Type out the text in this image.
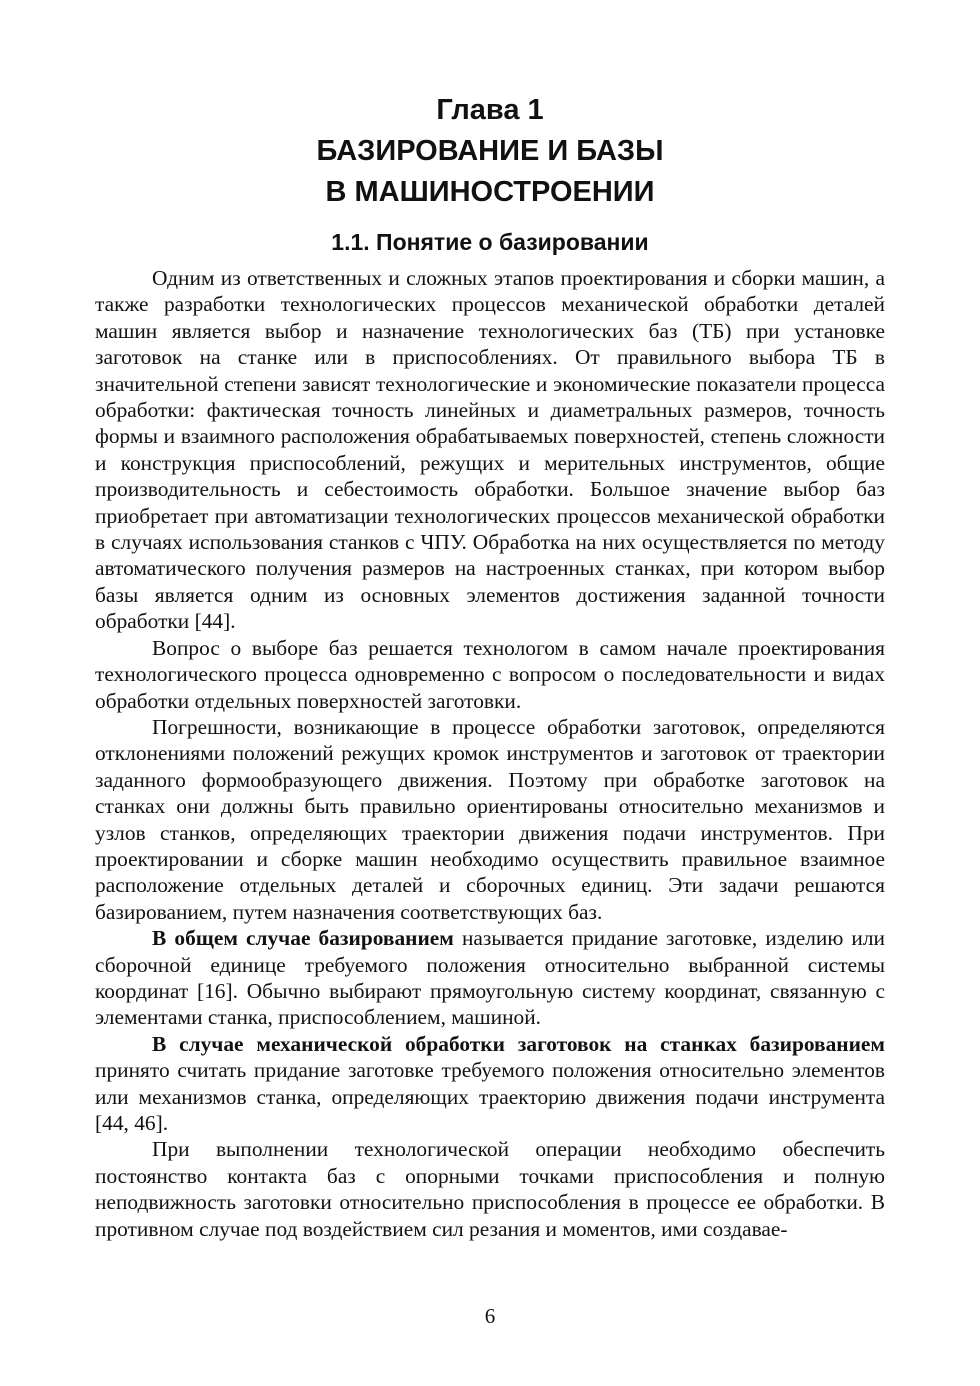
Глава 1
БАЗИРОВАНИЕ И БАЗЫ
В МАШИНОСТРОЕНИИ
1.1. Понятие о базировании

Одним из ответственных и сложных этапов проектирования и сборки машин, а также разработки технологических процессов механической обработки деталей машин является выбор и назначение технологических баз (ТБ) при установке заготовок на станке или в приспособлениях. От правильного выбора ТБ в значительной степени зависят технологические и экономические показатели процесса обработки: фактическая точность линейных и диаметральных размеров, точность формы и взаимного расположения обрабатываемых поверхностей, степень сложности и конструкция приспособлений, режущих и мерительных инструментов, общие производительность и себестоимость обработки. Большое значение выбор баз приобретает при автоматизации технологических процессов механической обработки в случаях использования станков с ЧПУ. Обработка на них осуществляется по методу автоматического получения размеров на настроенных станках, при котором выбор базы является одним из основных элементов достижения заданной точности обработки [44].

Вопрос о выборе баз решается технологом в самом начале проектирования технологического процесса одновременно с вопросом о последовательности и видах обработки отдельных поверхностей заготовки.

Погрешности, возникающие в процессе обработки заготовок, определяются отклонениями положений режущих кромок инструментов и заготовок от траектории заданного формообразующего движения. Поэтому при обработке заготовок на станках они должны быть правильно ориентированы относительно механизмов и узлов станков, определяющих траектории движения подачи инструментов. При проектировании и сборке машин необходимо осуществить правильное взаимное расположение отдельных деталей и сборочных единиц. Эти задачи решаются базированием, путем назначения соответствующих баз.

В общем случае базированием называется придание заготовке, изделию или сборочной единице требуемого положения относительно выбранной системы координат [16]. Обычно выбирают прямоугольную систему координат, связанную с элементами станка, приспособлением, машиной.

В случае механической обработки заготовок на станках базированием принято считать придание заготовке требуемого положения относительно элементов или механизмов станка, определяющих траекторию движения подачи инструмента [44, 46].

При выполнении технологической операции необходимо обеспечить постоянство контакта баз с опорными точками приспособления и полную неподвижность заготовки относительно приспособления в процессе ее обработки. В противном случае под воздействием сил резания и моментов, ими создавае-

6
